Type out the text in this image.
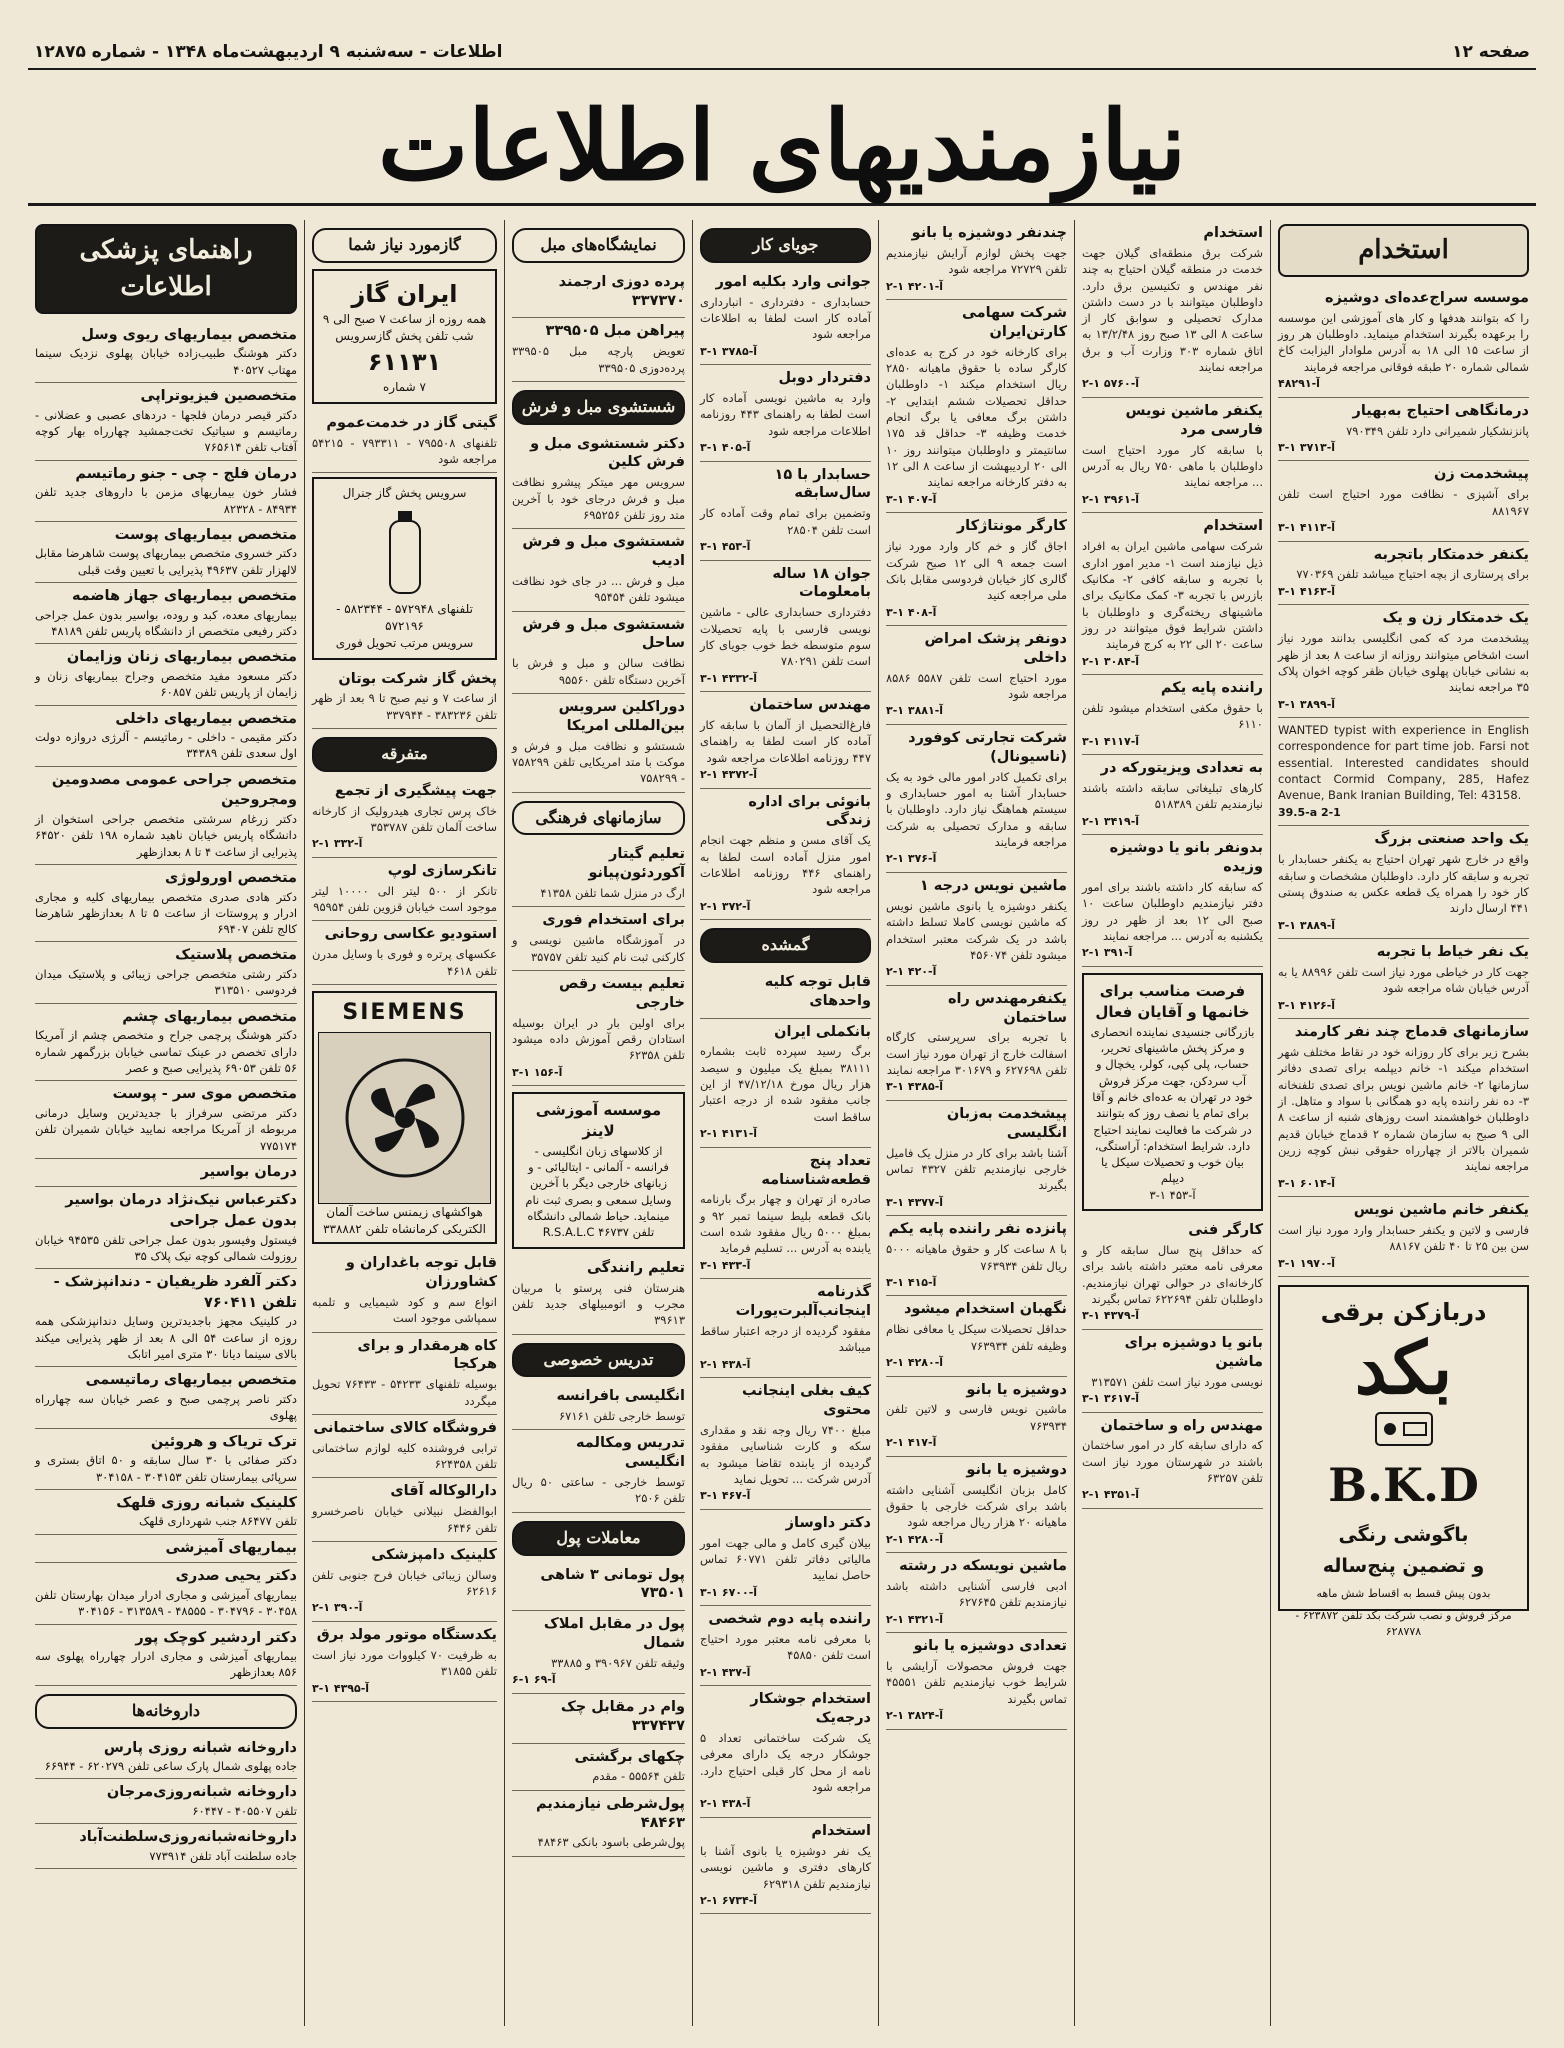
صفحه ۱۲
اطلاعات - سه‌شنبه ۹ اردیبهشت‌ماه ۱۳۴۸ - شماره ۱۲۸۷۵
نیازمندیهای اطلاعات
استخدام
موسسه سراج‌عده‌ای دوشیزه

را که بتوانند هدفها و کار های آموزشی این موسسه را برعهده بگیرند استخدام مینماید. داوطلبان هر روز از ساعت ۱۵ الی ۱۸ به آدرس ملوادار الیزابت کاخ شمالی شماره ۲۰ طبقه فوقانی مراجعه فرمایند

آ-۴۸۲۹۱
درمانگاهی احتیاج به‌بهیار

پانزنشکیار شمیرانی دارد تلفن ۷۹۰۳۴۹

آ-۳۷۱۳ ۱-۳
پیشخدمت زن

برای آشپزی - نظافت مورد احتیاج است تلفن ۸۸۱۹۶۷

آ-۴۱۱۳ ۱-۳
یکنفر خدمتکار باتجربه

برای پرستاری از بچه احتیاج میباشد تلفن ۷۷۰۳۶۹

آ-۴۱۶۳ ۱-۳
یک خدمتکار زن و یک

پیشخدمت مرد که کمی انگلیسی بدانند مورد نیاز است اشخاص میتوانند روزانه از ساعت ۸ بعد از ظهر به نشانی خیابان پهلوی خیابان ظفر کوچه اخوان پلاک ۳۵ مراجعه نمایند

آ-۳۸۹۹ ۱-۳

WANTED typist with experience in English correspondence for part time job. Farsi not essential. Interested candidates should contact Cormid Company, 285, Hafez Avenue, Bank Iranian Building, Tel: 43158.

39.5-a 2-1
یک واحد صنعتی بزرگ

واقع در خارج شهر تهران احتیاج به یکنفر حسابدار با تجربه و سابقه کار دارد. داوطلبان مشخصات و سابقه کار خود را همراه یک قطعه عکس به صندوق پستی ۴۴۱ ارسال دارند

آ-۳۸۸۹ ۱-۳
یک نفر خیاط با تجربه

جهت کار در خیاطی مورد نیاز است تلفن ۸۸۹۹۶ یا به آدرس خیابان شاه مراجعه شود

آ-۴۱۲۶ ۱-۳
سازمانهای قدماج چند نفر کارمند

بشرح زیر برای کار روزانه خود در نقاط مختلف شهر استخدام میکند ۱- خانم دیپلمه برای تصدی دفاتر سازمانها ۲- خانم ماشین نویس برای تصدی تلفنخانه ۳- ده نفر راننده پایه دو همگانی با سواد و متاهل. از داوطلبان خواهشمند است روزهای شنبه از ساعت ۸ الی ۹ صبح به سازمان شماره ۲ قدماج خیابان قدیم شمیران بالاتر از چهارراه حقوقی نبش کوچه زرین مراجعه نمایند

آ-۶۰۱۴ ۱-۳
یکنفر خانم ماشین نویس

فارسی و لاتین و یکنفر حسابدار وارد مورد نیاز است سن بین ۲۵ تا ۴۰ تلفن ۸۸۱۶۷

آ-۱۹۷۰ ۱-۳
دربازکن برقی
بکد
B.K.D
باگوشی رنگی
و تضمین پنج‌ساله
بدون پیش قسط به اقساط شش ماهه
مرکز فروش و نصب شرکت بکد تلفن ۶۲۳۸۷۲ - ۶۲۸۷۷۸
استخدام

شرکت برق منطقه‌ای گیلان جهت خدمت در منطقه گیلان احتیاج به چند نفر مهندس و تکنیسین برق دارد. داوطلبان میتوانند با در دست داشتن مدارک تحصیلی و سوابق کار از ساعت ۸ الی ۱۳ صبح روز ۱۳/۲/۴۸ به اتاق شماره ۳۰۳ وزارت آب و برق مراجعه نمایند

آ-۵۷۶۰ ۱-۲
یکنفر ماشین نویس فارسی مرد

با سابقه کار مورد احتیاج است داوطلبان با ماهی ۷۵۰ ریال به آدرس ... مراجعه نمایند

آ-۳۹۶۱ ۱-۲
استخدام

شرکت سهامی ماشین ایران به افراد ذیل نیازمند است ۱- مدیر امور اداری با تجربه و سابقه کافی ۲- مکانیک بازرس با تجربه ۳- کمک مکانیک برای ماشینهای ریخته‌گری و داوطلبان با داشتن شرایط فوق میتوانند در روز ساعت ۲۰ الی ۲۲ به کرج فرمایند

آ-۳۰۸۴ ۱-۲
راننده پایه یکم

با حقوق مکفی استخدام میشود تلفن ۶۱۱۰

آ-۴۱۱۷ ۱-۳
به تعدادی ویزیتورکه در

کارهای تبلیغاتی سابقه داشته باشند نیازمندیم تلفن ۵۱۸۳۸۹

آ-۳۴۱۹ ۱-۲
بدونفر بانو یا دوشیزه وزیده

که سابقه کار داشته باشند برای امور دفتر نیازمندیم داوطلبان ساعت ۱۰ صبح الی ۱۲ بعد از ظهر در روز یکشنبه به آدرس ... مراجعه نمایند

آ-۳۹۱ ۱-۲
فرصت مناسب برای خانمها و آقایان فعال
بازرگانی جنسیدی نماینده انحصاری و مرکز پخش ماشینهای تحریر، حساب، پلی کپی، کولر، یخچال و آب سردکن، جهت مرکز فروش خود در تهران به عده‌ای خانم و آقا برای تمام یا نصف روز که بتوانند در شرکت ما فعالیت نمایند احتیاج دارد. شرایط استخدام: آراستگی، بیان خوب و تحصیلات سیکل یا دیپلم
آ-۴۵۳ ۱-۳
کارگر فنی

که حداقل پنج سال سابقه کار و معرفی نامه معتبر داشته باشد برای کارخانه‌ای در حوالی تهران نیازمندیم. داوطلبان تلفن ۶۲۲۶۹۴ تماس بگیرند

آ-۴۳۷۹ ۱-۳
بانو یا دوشیزه برای ماشین

نویسی مورد نیاز است تلفن ۳۱۳۵۷۱

آ-۳۶۱۷ ۱-۳
مهندس راه و ساختمان

که دارای سابقه کار در امور ساختمان باشند در شهرستان مورد نیاز است تلفن ۶۳۲۵۷

آ-۴۳۵۱ ۱-۲
چندنفر دوشیزه یا بانو

جهت پخش لوازم آرایش نیازمندیم تلفن ۷۲۷۲۹ مراجعه شود

آ-۴۲۰۱ ۱-۲
شرکت سهامی کارتن‌ایران

برای کارخانه خود در کرج به عده‌ای کارگر ساده با حقوق ماهیانه ۲۸۵۰ ریال استخدام میکند ۱- داوطلبان حداقل تحصیلات ششم ابتدایی ۲- داشتن برگ معافی یا برگ انجام خدمت وظیفه ۳- حداقل قد ۱۷۵ سانتیمتر و داوطلبان میتوانند روز ۱۰ الی ۲۰ اردیبهشت از ساعت ۸ الی ۱۲ به دفتر کارخانه مراجعه نمایند

آ-۴۰۷ ۱-۳
کارگر مونتاژکار

اجاق گاز و خم کار وارد مورد نیاز است جمعه ۹ الی ۱۲ صبح شرکت گالری کاز خیابان فردوسی مقابل بانک ملی مراجعه کنید

آ-۴۰۸ ۱-۳
دونفر پزشک امراض داخلی

مورد احتیاج است تلفن ۵۵۸۷ ۸۵۸۶ مراجعه شود

آ-۳۸۸۱ ۱-۳
شرکت تجارتی کوفورد (ناسیونال)

برای تکمیل کادر امور مالی خود به یک حسابدار آشنا به امور حسابداری و سیستم هماهنگ نیاز دارد. داوطلبان با سابقه و مدارک تحصیلی به شرکت مراجعه فرمایند

آ-۳۷۶ ۱-۲
ماشین نویس درجه ۱

یکنفر دوشیزه یا بانوی ماشین نویس که ماشین نویسی کاملا تسلط داشته باشد در یک شرکت معتبر استخدام میشود تلفن ۴۵۶۰۷۴

آ-۴۲۰ ۱-۲
یکنفرمهندس راه ساختمان

با تجربه برای سرپرستی کارگاه اسفالت خارج از تهران مورد نیاز است تلفن ۶۲۷۶۹۸ و ۳۰۱۶۷۹ مراجعه نمایند

آ-۴۳۸۵ ۱-۳
پیشخدمت به‌زبان انگلیسی

آشنا باشد برای کار در منزل یک فامیل خارجی نیازمندیم تلفن ۴۳۲۷ تماس بگیرند

آ-۴۳۷۷ ۱-۳
پانزده نفر راننده پایه یکم

با ۸ ساعت کار و حقوق ماهیانه ۵۰۰۰ ریال تلفن ۷۶۳۹۳۴

آ-۴۱۵ ۱-۳
نگهبان استخدام میشود

حداقل تحصیلات سیکل یا معافی نظام وظیفه تلفن ۷۶۳۹۳۴

آ-۴۲۸۰ ۱-۲
دوشیزه یا بانو

ماشین نویس فارسی و لاتین تلفن ۷۶۳۹۳۴

آ-۴۱۷ ۱-۲
دوشیزه یا بانو

کامل بزبان انگلیسی آشنایی داشته باشد برای شرکت خارجی با حقوق ماهیانه ۲۰ هزار ریال مراجعه شود

آ-۴۲۸۰ ۱-۲
ماشین نویسکه در رشته

ادبی فارسی آشنایی داشته باشد نیازمندیم تلفن ۶۲۷۶۴۵

آ-۴۳۲۱ ۱-۲
تعدادی دوشیزه یا بانو

جهت فروش محصولات آرایشی با شرایط خوب نیازمندیم تلفن ۴۵۵۵۱ تماس بگیرند

آ-۳۸۲۴ ۱-۲
جویای کار
جوانی وارد بکلیه امور

حسابداری - دفترداری - انبارداری آماده کار است لطفا به اطلاعات مراجعه شود

آ-۳۷۸۵ ۱-۳
دفتردار دوبل

وارد به ماشین نویسی آماده کار است لطفا به راهنمای ۴۴۳ روزنامه اطلاعات مراجعه شود

آ-۴۰۵ ۱-۳
حسابدار با ۱۵ سال‌سابقه

وتضمین برای تمام وقت آماده کار است تلفن ۲۸۵۰۴

آ-۴۵۳ ۱-۳
جوان ۱۸ ساله بامعلومات

دفترداری حسابداری عالی - ماشین نویسی فارسی با پایه تحصیلات سوم متوسطه خط خوب جویای کار است تلفن ۷۸۰۲۹۱

آ-۴۳۳۲ ۱-۳
مهندس ساختمان

فارغ‌التحصیل از آلمان با سابقه کار آماده کار است لطفا به راهنمای ۴۴۷ روزنامه اطلاعات مراجعه شود

آ-۴۳۷۲ ۱-۲
بانوئی برای اداره زندگی

یک آقای مسن و منظم جهت انجام امور منزل آماده است لطفا به راهنمای ۴۴۶ روزنامه اطلاعات مراجعه شود

آ-۳۷۲ ۱-۲
گمشده
قابل توجه کلیه واحدهای
بانکملی ایران

برگ رسید سپرده ثابت بشماره ۳۸۱۱۱ بمبلغ یک میلیون و سیصد هزار ریال مورخ ۴۷/۱۲/۱۸ از این جانب مفقود شده از درجه اعتبار ساقط است

آ-۴۱۳۱ ۱-۲
تعداد پنج قطعه‌شناسنامه

صادره از تهران و چهار برگ بارنامه بانک قطعه بلیط سینما تمبر ۹۲ و بمبلغ ۵۰۰۰ ریال مفقود شده است یابنده به آدرس ... تسلیم فرماید

آ-۴۳۳ ۱-۳
گذرنامه اینجانب‌آلبرت‌یورات

مفقود گردیده از درجه اعتبار ساقط میباشد

آ-۴۳۸ ۱-۲
کیف بغلی اینجانب محتوی

مبلغ ۷۴۰۰ ریال وجه نقد و مقداری سکه و کارت شناسایی مفقود گردیده از یابنده تقاضا میشود به آدرس شرکت ... تحویل نماید

آ-۴۶۷ ۱-۳
دکتر داوساز

بیلان گیری کامل و مالی جهت امور مالیاتی دفاتر تلفن ۶۰۷۷۱ تماس حاصل نمایید

آ-۶۷۰۰ ۱-۳
راننده پایه دوم شخصی

با معرفی نامه معتبر مورد احتیاج است تلفن ۴۵۸۵۰

آ-۴۳۷ ۱-۲
استخدام جوشکار درجه‌یک

یک شرکت ساختمانی تعداد ۵ جوشکار درجه یک دارای معرفی نامه از محل کار قبلی احتیاج دارد. مراجعه شود

آ-۴۳۸ ۱-۲
استخدام

یک نفر دوشیزه یا بانوی آشنا با کارهای دفتری و ماشین نویسی نیازمندیم تلفن ۶۲۹۳۱۸

آ-۶۷۳۴ ۱-۲
نمایشگاه‌های مبل
پرده دوزی ارجمند ۳۳۷۳۷۰
پیراهن مبل ۳۳۹۵۰۵

تعویض پارچه مبل ۳۳۹۵۰۵ پرده‌دوزی ۳۳۹۵۰۵

شستشوی مبل و فرش
دکتر شستشوی مبل و فرش کلین

سرویس مهر میتکر پیشرو نظافت مبل و فرش درجای خود با آخرین متد روز تلفن ۶۹۵۲۵۶

شستشوی مبل و فرش ادیب

مبل و فرش ... در جای خود نظافت میشود تلفن ۹۵۴۵۴

شستشوی مبل و فرش ساحل

نظافت سالن و مبل و فرش با آخرین دستگاه تلفن ۹۵۵۶۰

دوراکلین سرویس بین‌المللی امریکا

شستشو و نظافت مبل و فرش و موکت با متد امریکایی تلفن ۷۵۸۲۹۹ - ۷۵۸۲۹۹

سازمانهای فرهنگی
تعلیم گیتار آکوردئون‌پیانو

ارگ در منزل شما تلفن ۴۱۳۵۸

برای استخدام فوری

در آموزشگاه ماشین نویسی و کارکنی ثبت نام کنید تلفن ۳۵۷۵۷

تعلیم بیست رقص خارجی

برای اولین بار در ایران بوسیله استادان رقص آموزش داده میشود تلفن ۶۲۳۵۸

آ-۱۵۶ ۱-۳
موسسه آموزشی لاینز
از کلاسهای زبان انگلیسی - فرانسه - آلمانی - ایتالیائی - و زبانهای خارجی دیگر با آخرین وسایل سمعی و بصری ثبت نام مینماید. حیاط شمالی دانشگاه تلفن ۴۶۷۳۷ R.S.A.L.C
تعلیم رانندگی

هنرستان فنی پرستو با مربیان مجرب و اتومبیلهای جدید تلفن ۳۹۶۱۳

تدریس خصوصی
انگلیسی بافرانسه

توسط خارجی تلفن ۶۷۱۶۱

تدریس ومکالمه انگلیسی

توسط خارجی - ساعتی ۵۰ ریال تلفن ۲۵۰۶

معاملات پول
پول تومانی ۳ شاهی ۷۳۵۰۱
پول در مقابل املاک شمال

وثیقه تلفن ۳۹۰۹۶۷ و ۳۳۸۸۵

آ-۶۹ ۱-۶
وام در مقابل چک ۳۳۷۴۳۷
چکهای برگشتی

تلفن ۵۵۵۶۴ - مقدم

پول‌شرطی نیازمندیم ۴۸۴۶۳

پول‌شرطی باسود ‌بانکی ۴۸۴۶۳

گازمورد نیاز شما
ایران گاز
همه روزه از ساعت ۷ صبح الی ۹ شب تلفن پخش گازسرویس
۶۱۱۳۱
۷ شماره
گیتی گاز در خدمت‌عموم

تلفنهای ۷۹۵۵۰۸ - ۷۹۳۳۱۱ - ۵۴۲۱۵ مراجعه شود

سرویس پخش گاز جنرال
تلفنهای ۵۷۲۹۴۸ - ۵۸۲۳۴۴ - ۵۷۲۱۹۶
سرویس مرتب تحویل فوری
پخش گاز شرکت بوتان

از ساعت ۷ و نیم صبح تا ۹ بعد از ظهر تلفن ۳۸۳۲۳۶ - ۳۳۷۹۴۴

متفرقه
جهت پیشگیری از تجمع

خاک پرس تجاری هیدرولیک از کارخانه ساخت آلمان تلفن ۳۵۳۷۸۷

آ-۳۳۲ ۱-۲
تانکرسازی لوپ

تانکر از ۵۰۰ لیتر الی ۱۰۰۰۰ لیتر موجود است خیابان قزوین تلفن ۹۵۹۵۴

استودیو عکاسی روحانی

عکسهای پرتره و فوری با وسایل مدرن تلفن ۴۶۱۸

SIEMENS
هواکشهای زیمنس ساخت آلمان الکتریکی کرمانشاه تلفن ۳۳۸۸۸۲
قابل توجه باغداران و کشاورزان

انواع سم و کود شیمیایی و تلمبه سمپاشی موجود است

کاه هرمقدار و برای هرکجا

بوسیله تلفنهای ۵۴۲۳۳ - ۷۶۴۳۳ تحویل میگردد

فروشگاه کالای ساختمانی

ترابی فروشنده کلیه لوازم ساختمانی تلفن ۶۲۴۳۵۸

دارالوکاله آقای

ابوالفضل نبیلانی خیابان ناصرخسرو تلفن ۶۴۴۶

کلینیک دامپزشکی

وسالن زیبائی خیابان فرح جنوبی تلفن ۶۲۶۱۶

آ-۳۹۰ ۱-۲
یکدستگاه موتور مولد برق

به ظرفیت ۷۰ کیلووات مورد نیاز است تلفن ۳۱۸۵۵

آ-۴۳۹۵ ۱-۳
راهنمای پزشکی اطلاعات
متخصص بیماریهای ریوی وسل

دکتر هوشنگ طبیب‌زاده خیابان پهلوی نزدیک سینما مهتاب ۴۰۵۲۷

متخصصین فیزیوتراپی

دکتر قیصر درمان فلجها - دردهای عصبی و عضلانی - رماتیسم و سیاتیک تخت‌جمشید چهارراه بهار کوچه آفتاب تلفن ۷۶۵۶۱۴

درمان فلج - چی - جنو رماتیسم

فشار خون بیماریهای مزمن با داروهای جدید تلفن ۸۴۹۳۴ - ۸۲۳۲۸

متخصص بیماریهای پوست

دکتر خسروی متخصص بیماریهای پوست شاهرضا مقابل لالهزار تلفن ۴۹۶۳۷ پذیرایی با تعیین وقت قبلی

متخصص بیماریهای جهاز هاضمه

بیماریهای معده، کبد و روده، بواسیر بدون عمل جراحی دکتر رفیعی متخصص از دانشگاه پاریس تلفن ۴۸۱۸۹

متخصص بیماریهای زنان وزایمان

دکتر مسعود مفید متخصص وجراح بیماریهای زنان و زایمان از پاریس تلفن ۶۰۸۵۷

متخصص بیماریهای داخلی

دکتر مقیمی - داخلی - رماتیسم - آلرژی دروازه دولت اول سعدی تلفن ۳۴۳۸۹

متخصص جراحی عمومی مصدومین ومجروحین

دکتر زرغام سرشتی متخصص جراحی استخوان از دانشگاه پاریس خیابان ناهید شماره ۱۹۸ تلفن ۶۴۵۲۰ پذیرایی از ساعت ۴ تا ۸ بعدازظهر

متخصص اورولوژی

دکتر هادی صدری متخصص بیماریهای کلیه و مجاری ادرار و پروستات از ساعت ۵ تا ۸ بعدازظهر شاهرضا کالج تلفن ۶۹۴۰۷

متخصص پلاستیک

دکتر رشتی متخصص جراحی زیبائی و پلاستیک میدان فردوسی ۳۱۳۵۱۰

متخصص بیماریهای چشم

دکتر هوشنگ پرچمی جراح و متخصص چشم از آمریکا دارای تخصص در عینک تماسی خیابان بزرگمهر شماره ۵۶ تلفن ۶۹۰۵۳ پذیرایی صبح و عصر

متخصص موی سر - پوست

دکتر مرتضی سرفراز با جدیدترین وسایل درمانی مربوطه از آمریکا مراجعه نمایید خیابان شمیران تلفن ۷۷۵۱۷۴

درمان بواسیر
دکترعباس نیک‌نژاد درمان بواسیر بدون عمل جراحی

فیستول وفیسور بدون عمل جراحی تلفن ۹۴۵۳۵ خیابان روزولت شمالی کوچه نیک پلاک ۳۵

دکتر آلفرد ظریفیان - دندانپزشک - تلفن ۷۶۰۴۱۱

در کلینیک مجهز باجدیدترین وسایل دندانپزشکی همه روزه از ساعت ۵۴ الی ۸ بعد از ظهر پذیرایی میکند بالای سینما دیانا ۳۰ متری امیر اتابک

متخصص بیماریهای رماتیسمی

دکتر ناصر پرچمی صبح و عصر خیابان سه چهارراه پهلوی

ترک تریاک و هروئین

دکتر صفائی با ۳۰ سال سابقه و ۵۰ اتاق بستری و سرپائی بیمارستان تلفن ۳۰۴۱۵۳ - ۳۰۴۱۵۸

کلینیک شبانه روزی قلهک

تلفن ۸۶۴۷۷ جنب شهرداری قلهک

بیماریهای آمیزشی
دکتر یحیی صدری

بیماریهای آمیزشی و مجاری ادرار میدان بهارستان تلفن ۳۰۴۵۸ - ۳۰۴۷۹۶ - ۴۸۵۵۵ - ۳۱۳۵۸۹ - ۳۰۴۱۵۶

دکتر اردشیر کوچک پور

بیماریهای آمیزشی و مجاری ادرار چهارراه پهلوی سه ۸۵۶ بعدازظهر

داروخانه‌ها
داروخانه شبانه روزی پارس

جاده پهلوی شمال پارک ساعی تلفن ۶۲۰۲۷۹ - ۶۶۹۴۴

داروخانه شبانه‌روزی‌مرجان

تلفن ۴۰۵۵۰۷ - ۶۰۴۴۷

داروخانه‌شبانه‌روزی‌سلطنت‌آباد

جاده سلطنت آباد تلفن ۷۷۳۹۱۴
